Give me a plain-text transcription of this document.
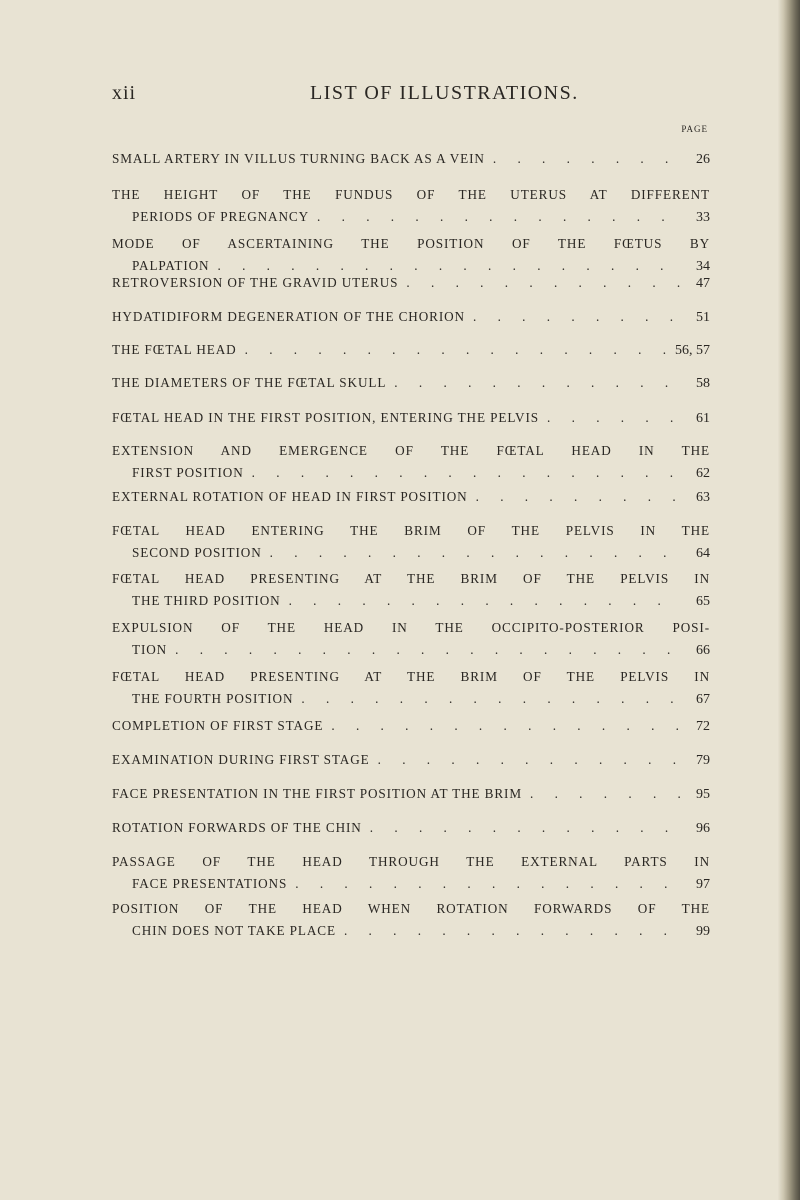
xii	LIST OF ILLUSTRATIONS.
PAGE
SMALL ARTERY IN VILLUS TURNING BACK AS A VEIN . . .	26
THE HEIGHT OF THE FUNDUS OF THE UTERUS AT DIFFERENT
PERIODS OF PREGNANCY . . .	33
MODE OF ASCERTAINING THE POSITION OF THE FŒTUS BY
PALPATION . . .	34
RETROVERSION OF THE GRAVID UTERUS . . .	47
HYDATIDIFORM DEGENERATION OF THE CHORION . . .	51
THE FŒTAL HEAD . . .	56, 57
THE DIAMETERS OF THE FŒTAL SKULL . . .	58
FŒTAL HEAD IN THE FIRST POSITION, ENTERING THE PELVIS . . .	61
EXTENSION AND EMERGENCE OF THE FŒTAL HEAD IN THE
FIRST POSITION . . .	62
EXTERNAL ROTATION OF HEAD IN FIRST POSITION . . .	63
FŒTAL HEAD ENTERING THE BRIM OF THE PELVIS IN THE
SECOND POSITION . . .	64
FŒTAL HEAD PRESENTING AT THE BRIM OF THE PELVIS IN
THE THIRD POSITION . . .	65
EXPULSION OF THE HEAD IN THE OCCIPITO-POSTERIOR POSI-
TION . . .	66
FŒTAL HEAD PRESENTING AT THE BRIM OF THE PELVIS IN
THE FOURTH POSITION . . .	67
COMPLETION OF FIRST STAGE . . .	72
EXAMINATION DURING FIRST STAGE . . .	79
FACE PRESENTATION IN THE FIRST POSITION AT THE BRIM . . .	95
ROTATION FORWARDS OF THE CHIN . . .	96
PASSAGE OF THE HEAD THROUGH THE EXTERNAL PARTS IN
FACE PRESENTATIONS . . .	97
POSITION OF THE HEAD WHEN ROTATION FORWARDS OF THE
CHIN DOES NOT TAKE PLACE . . .	99
